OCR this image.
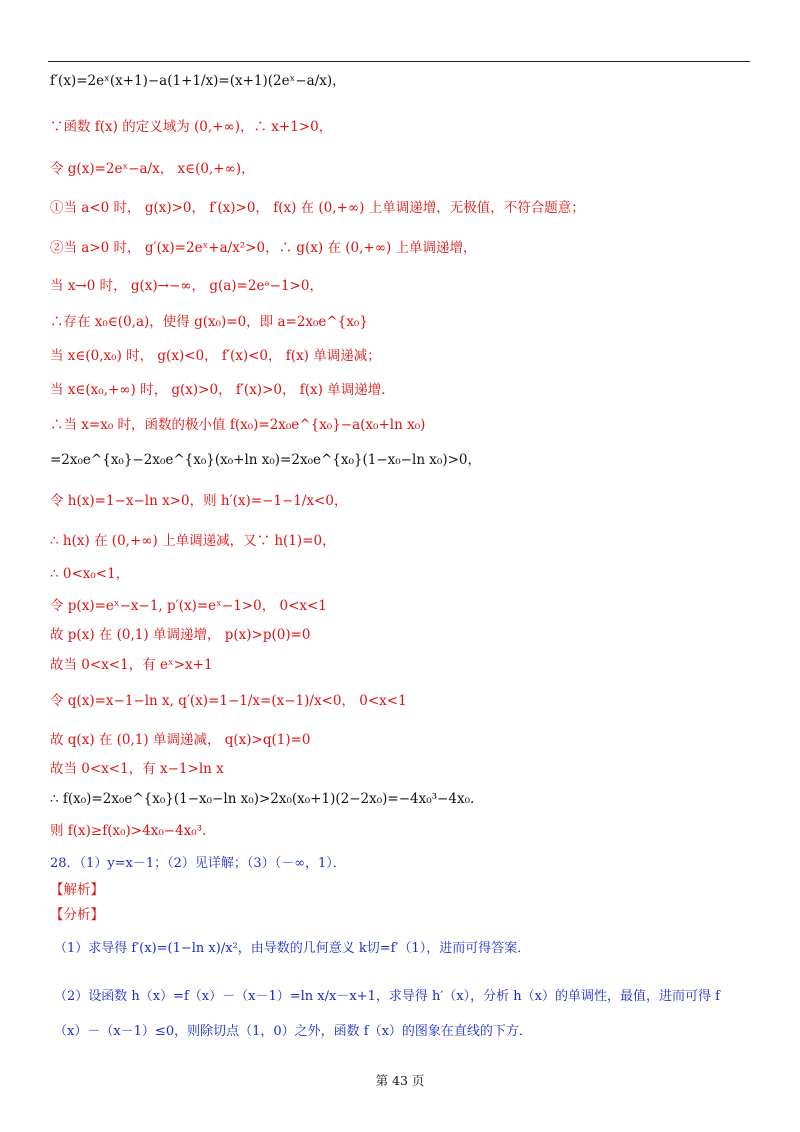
f′(x)=2eˣ(x+1)−a(1+1/x)=(x+1)(2eˣ−a/x)，
∵函数 f(x) 的定义域为 (0,+∞)，∴ x+1>0，
令 g(x)=2eˣ−a/x， x∈(0,+∞)，
①当 a<0 时， g(x)>0， f′(x)>0， f(x) 在 (0,+∞) 上单调递增，无极值，不符合题意；
②当 a>0 时， g′(x)=2eˣ+a/x²>0，∴ g(x) 在 (0,+∞) 上单调递增，
当 x→0 时， g(x)→−∞， g(a)=2eᵃ−1>0，
∴存在 x₀∈(0,a)，使得 g(x₀)=0，即 a=2x₀e^{x₀}
当 x∈(0,x₀) 时， g(x)<0， f′(x)<0， f(x) 单调递减；
当 x∈(x₀,+∞) 时， g(x)>0， f′(x)>0， f(x) 单调递增.
∴当 x=x₀ 时，函数的极小值 f(x₀)=2x₀e^{x₀}−a(x₀+ln x₀)
=2x₀e^{x₀}−2x₀e^{x₀}(x₀+ln x₀)=2x₀e^{x₀}(1−x₀−ln x₀)>0，
令 h(x)=1−x−ln x>0，则 h′(x)=−1−1/x<0，
∴ h(x) 在 (0,+∞) 上单调递减，又∵ h(1)=0，
∴ 0<x₀<1，
令 p(x)=eˣ−x−1, p′(x)=eˣ−1>0， 0<x<1
故 p(x) 在 (0,1) 单调递增， p(x)>p(0)=0
故当 0<x<1，有 eˣ>x+1
令 q(x)=x−1−ln x, q′(x)=1−1/x=(x−1)/x<0， 0<x<1
故 q(x) 在 (0,1) 单调递减， q(x)>q(1)=0
故当 0<x<1，有 x−1>ln x
∴ f(x₀)=2x₀e^{x₀}(1−x₀−ln x₀)>2x₀(x₀+1)(2−2x₀)=−4x₀³−4x₀.
则 f(x)≥f(x₀)>4x₀−4x₀³.
28．（1）y=x－1；（2）见详解；（3）（－∞，1）．
【解析】
【分析】
（1）求导得 f′(x)=(1−ln x)/x²，由导数的几何意义 k切=f′（1），进而可得答案．
（2）设函数 h（x）=f（x）－（x－1）=ln x/x－x+1，求导得 h′（x），分析 h（x）的单调性，最值，进而可得 f
（x）－（x－1）≤0，则除切点（1，0）之外，函数 f（x）的图象在直线的下方．
第 43 页
